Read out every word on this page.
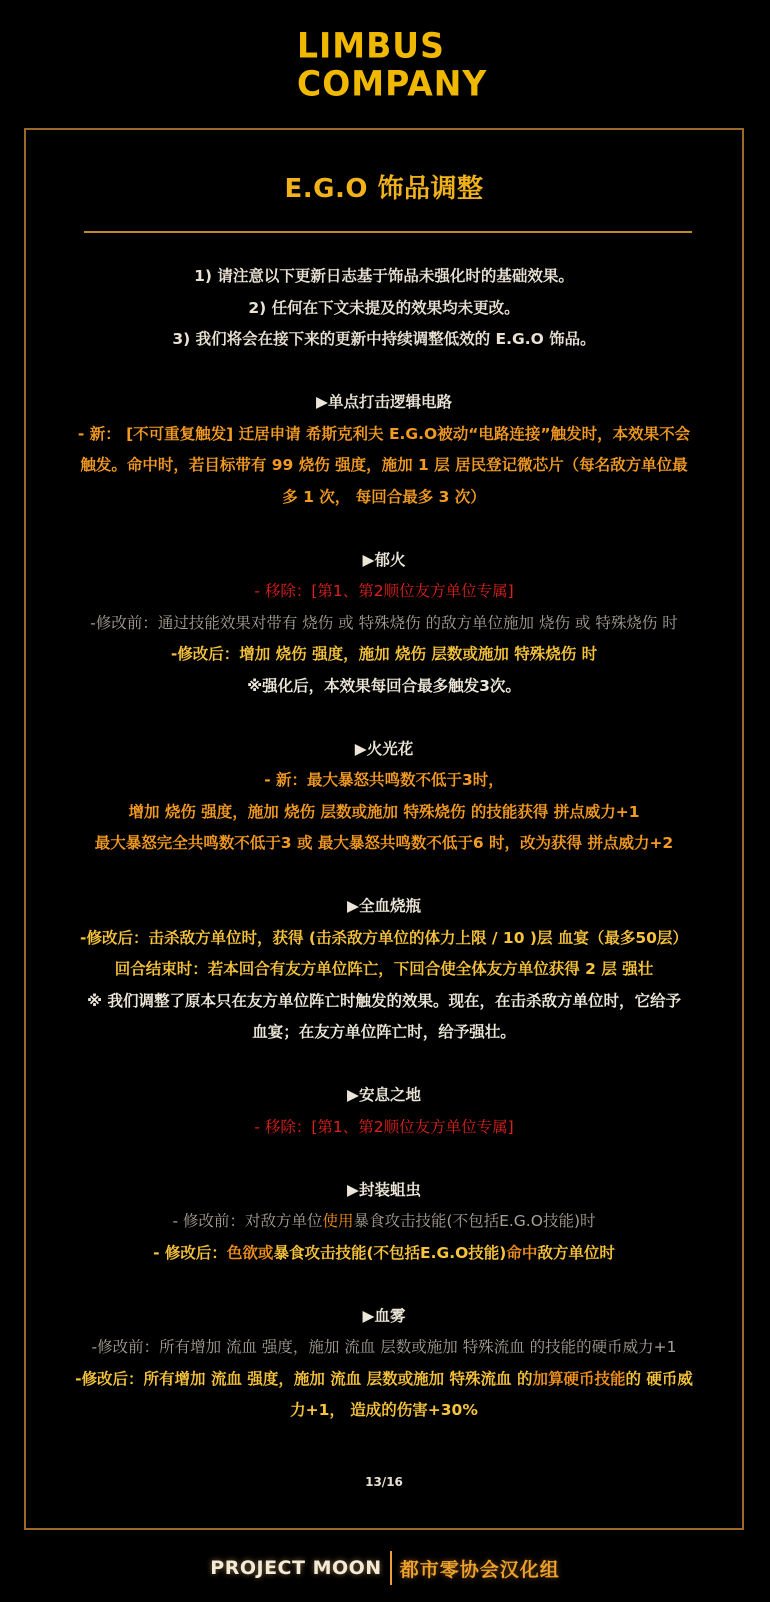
LIMBUS
COMPANY
E.G.O 饰品调整

1) 请注意以下更新日志基于饰品未强化时的基础效果。

2) 任何在下文未提及的效果均未更改。

3) 我们将会在接下来的更新中持续调整低效的 E.G.O 饰品。

▶单点打击逻辑电路

- 新： [不可重复触发] 迁居申请 希斯克利夫 E.G.O被动“电路连接”触发时，本效果不会

触发。命中时，若目标带有 99 烧伤 强度，施加 1 层 居民登记微芯片（每名敌方单位最

多 1 次， 每回合最多 3 次）

▶郁火

- 移除：[第1、第2顺位友方单位专属]

-修改前：通过技能效果对带有 烧伤 或 特殊烧伤 的敌方单位施加 烧伤 或 特殊烧伤 时

-修改后：增加 烧伤 强度，施加 烧伤 层数或施加 特殊烧伤 时

※强化后，本效果每回合最多触发3次。

▶火光花

- 新：最大暴怒共鸣数不低于3时，

增加 烧伤 强度，施加 烧伤 层数或施加 特殊烧伤 的技能获得 拼点威力+1

最大暴怒完全共鸣数不低于3 或 最大暴怒共鸣数不低于6 时，改为获得 拼点威力+2

▶全血烧瓶

-修改后：击杀敌方单位时，获得 (击杀敌方单位的体力上限 / 10 )层 血宴（最多50层）

回合结束时：若本回合有友方单位阵亡，下回合使全体友方单位获得 2 层 强壮

※ 我们调整了原本只在友方单位阵亡时触发的效果。现在，在击杀敌方单位时，它给予

血宴；在友方单位阵亡时，给予强壮。

▶安息之地

- 移除：[第1、第2顺位友方单位专属]

▶封装蛆虫

- 修改前：对敌方单位使用暴食攻击技能(不包括E.G.O技能)时

- 修改后：色欲或暴食攻击技能(不包括E.G.O技能)命中敌方单位时

▶血雾

-修改前：所有增加 流血 强度，施加 流血 层数或施加 特殊流血 的技能的硬币威力+1

-修改后：所有增加 流血 强度，施加 流血 层数或施加 特殊流血 的加算硬币技能的 硬币威

力+1， 造成的伤害+30%

13/16
PROJECT MOON 都市零协会汉化组
